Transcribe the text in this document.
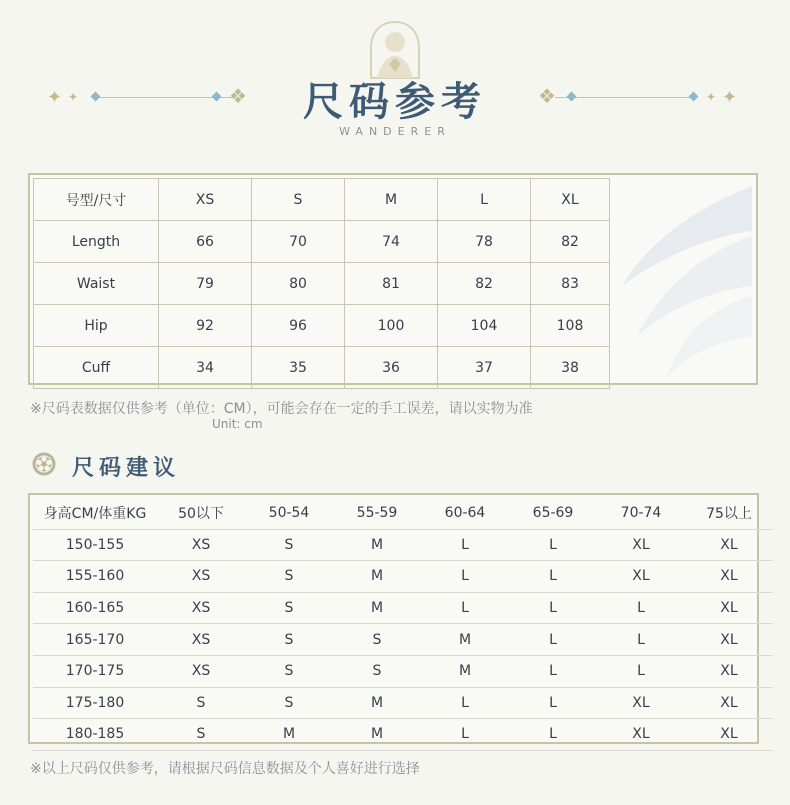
✦ ✦	❖	❖	✦ ✦
尺码参考
WANDERER
号型/尺寸	XS	S	M	L	XL
Length	66	70	74	78	82
Waist	79	80	81	82	83
Hip	92	96	100	104	108
Cuff	34	35	36	37	38
※尺码表数据仅供参考（单位：CM），可能会存在一定的手工误差，请以实物为准
Unit: cm
尺码建议
身高CM/体重KG	50以下	50-54	55-59	60-64	65-69	70-74	75以上
150-155	XS	S	M	L	L	XL	XL
155-160	XS	S	M	L	L	XL	XL
160-165	XS	S	M	L	L	L	XL
165-170	XS	S	S	M	L	L	XL
170-175	XS	S	S	M	L	L	XL
175-180	S	S	M	L	L	XL	XL
180-185	S	M	M	L	L	XL	XL
※以上尺码仅供参考，请根据尺码信息数据及个人喜好进行选择
